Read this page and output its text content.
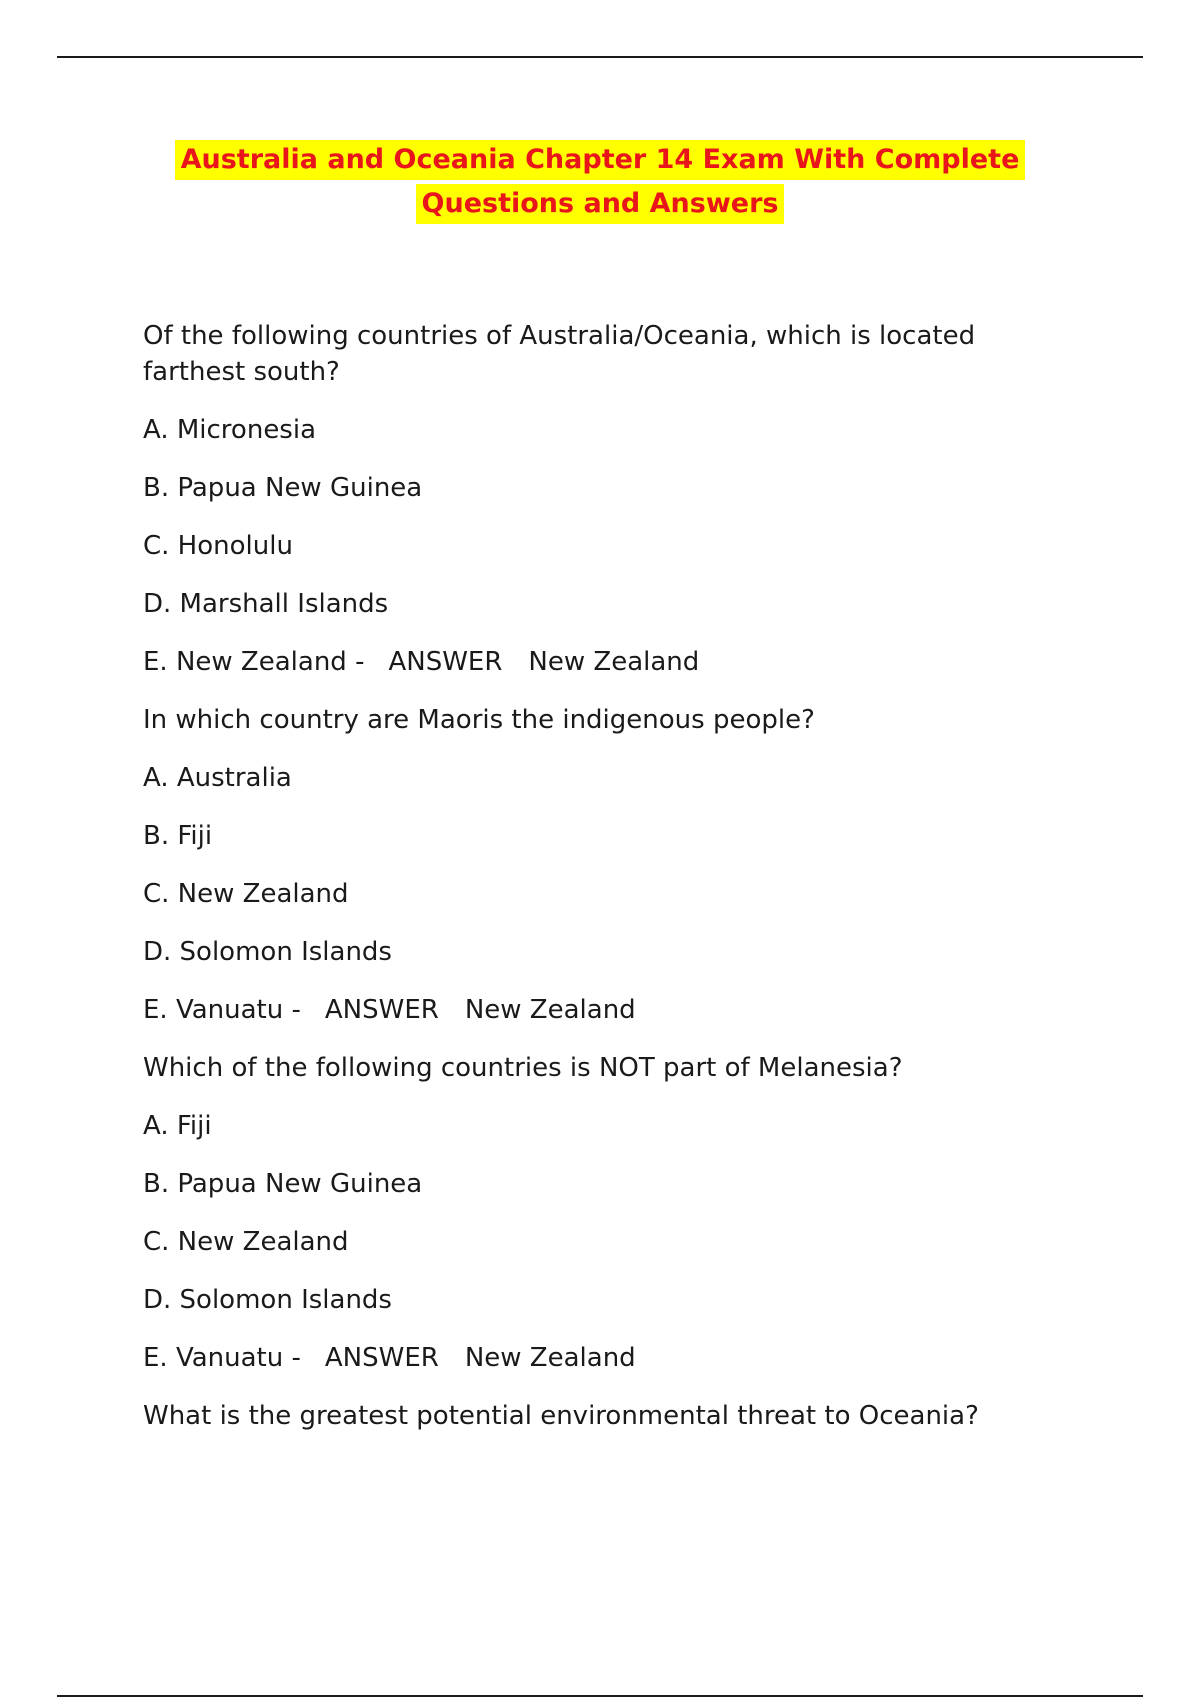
Australia and Oceania Chapter 14 Exam With Complete
Questions and Answers
Of the following countries of Australia/Oceania, which is located farthest south?
A. Micronesia
B. Papua New Guinea
C. Honolulu
D. Marshall Islands
E. New Zealand - ANSWER New Zealand
In which country are Maoris the indigenous people?
A. Australia
B. Fiji
C. New Zealand
D. Solomon Islands
E. Vanuatu - ANSWER New Zealand
Which of the following countries is NOT part of Melanesia?
A. Fiji
B. Papua New Guinea
C. New Zealand
D. Solomon Islands
E. Vanuatu - ANSWER New Zealand
What is the greatest potential environmental threat to Oceania?
